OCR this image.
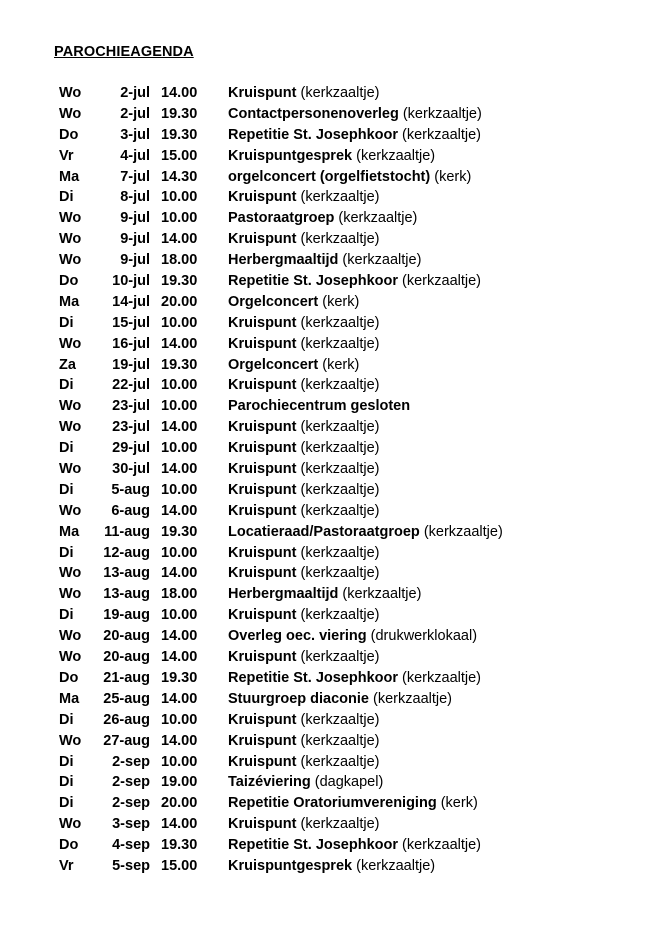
PAROCHIEAGENDA
Wo	2-jul 14.00 Kruispunt (kerkzaaltje)
Wo	2-jul 19.30 Contactpersonenoverleg (kerkzaaltje)
Do	3-jul 19.30 Repetitie St. Josephkoor (kerkzaaltje)
Vr	4-jul 15.00 Kruispuntgesprek (kerkzaaltje)
Ma	7-jul 14.30 orgelconcert (orgelfietstocht) (kerk)
Di	8-jul 10.00 Kruispunt (kerkzaaltje)
Wo	9-jul 10.00 Pastoraatgroep (kerkzaaltje)
Wo	9-jul 14.00 Kruispunt (kerkzaaltje)
Wo	9-jul 18.00 Herbergmaaltijd (kerkzaaltje)
Do 10-jul 19.30 Repetitie St. Josephkoor (kerkzaaltje)
Ma 14-jul 20.00 Orgelconcert (kerk)
Di	15-jul 10.00 Kruispunt (kerkzaaltje)
Wo 16-jul 14.00 Kruispunt (kerkzaaltje)
Za 19-jul 19.30 Orgelconcert (kerk)
Di	22-jul 10.00 Kruispunt (kerkzaaltje)
Wo 23-jul 10.00 Parochiecentrum gesloten
Wo 23-jul 14.00 Kruispunt (kerkzaaltje)
Di	29-jul 10.00 Kruispunt (kerkzaaltje)
Wo 30-jul 14.00 Kruispunt (kerkzaaltje)
Di	5-aug 10.00 Kruispunt (kerkzaaltje)
Wo 6-aug 14.00 Kruispunt (kerkzaaltje)
Ma 11-aug 19.30 Locatieraad/Pastoraatgroep (kerkzaaltje)
Di 12-aug 10.00 Kruispunt (kerkzaaltje)
Wo 13-aug 14.00 Kruispunt (kerkzaaltje)
Wo 13-aug 18.00 Herbergmaaltijd (kerkzaaltje)
Di 19-aug 10.00 Kruispunt (kerkzaaltje)
Wo 20-aug 14.00 Overleg oec. viering (drukwerklokaal)
Wo 20-aug 14.00 Kruispunt (kerkzaaltje)
Do 21-aug 19.30 Repetitie St. Josephkoor (kerkzaaltje)
Ma 25-aug 14.00 Stuurgroep diaconie (kerkzaaltje)
Di 26-aug 10.00 Kruispunt (kerkzaaltje)
Wo 27-aug 14.00 Kruispunt (kerkzaaltje)
Di	2-sep 10.00 Kruispunt (kerkzaaltje)
Di	2-sep 19.00 Taizéviering (dagkapel)
Di	2-sep 20.00 Repetitie Oratoriumvereniging (kerk)
Wo 3-sep 14.00 Kruispunt (kerkzaaltje)
Do 4-sep 19.30 Repetitie St. Josephkoor (kerkzaaltje)
Vr	5-sep 15.00 Kruispuntgesprek (kerkzaaltje)
